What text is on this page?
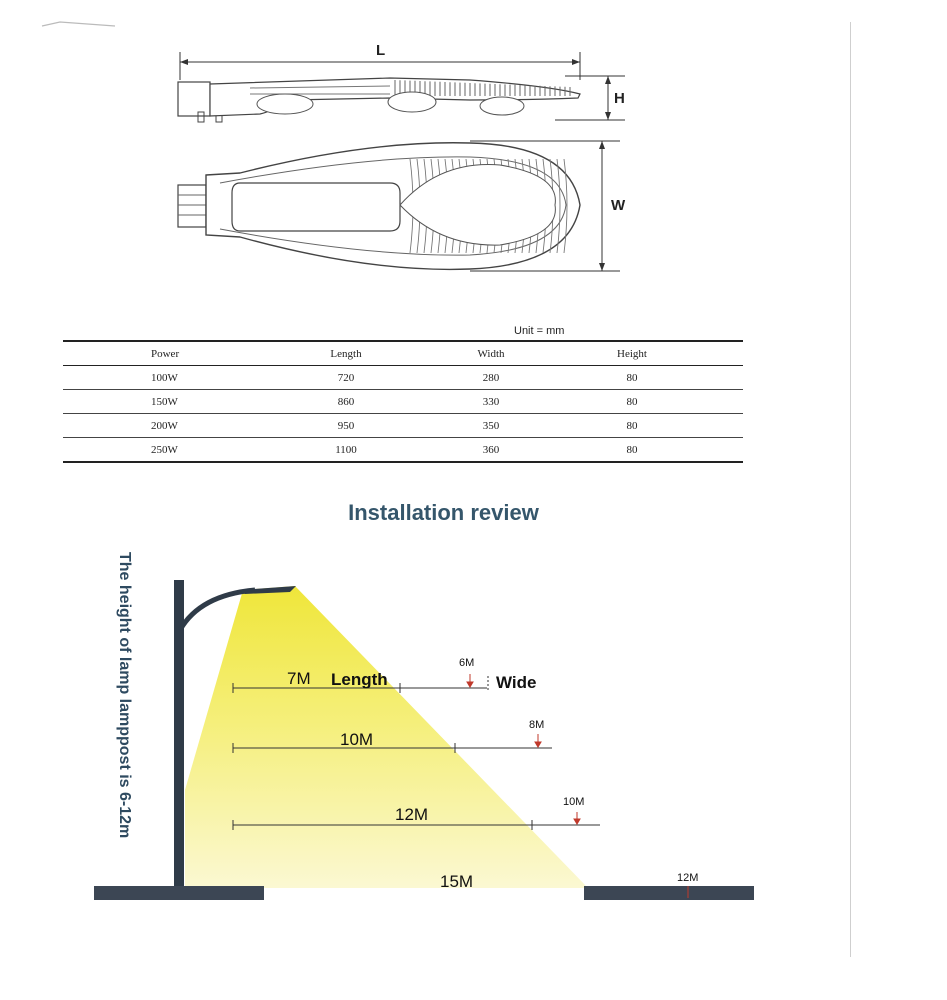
L
H
W
Unit = mm
Power	Length	Width	Height
100W	720	280	80
150W	860	330	80
200W	950	350	80
250W	1100	360	80
Installation review
The height of lamp lamppost is 6-12m	7M Length	Wide
10M
12M
15M
6M
8M
10M
12M
